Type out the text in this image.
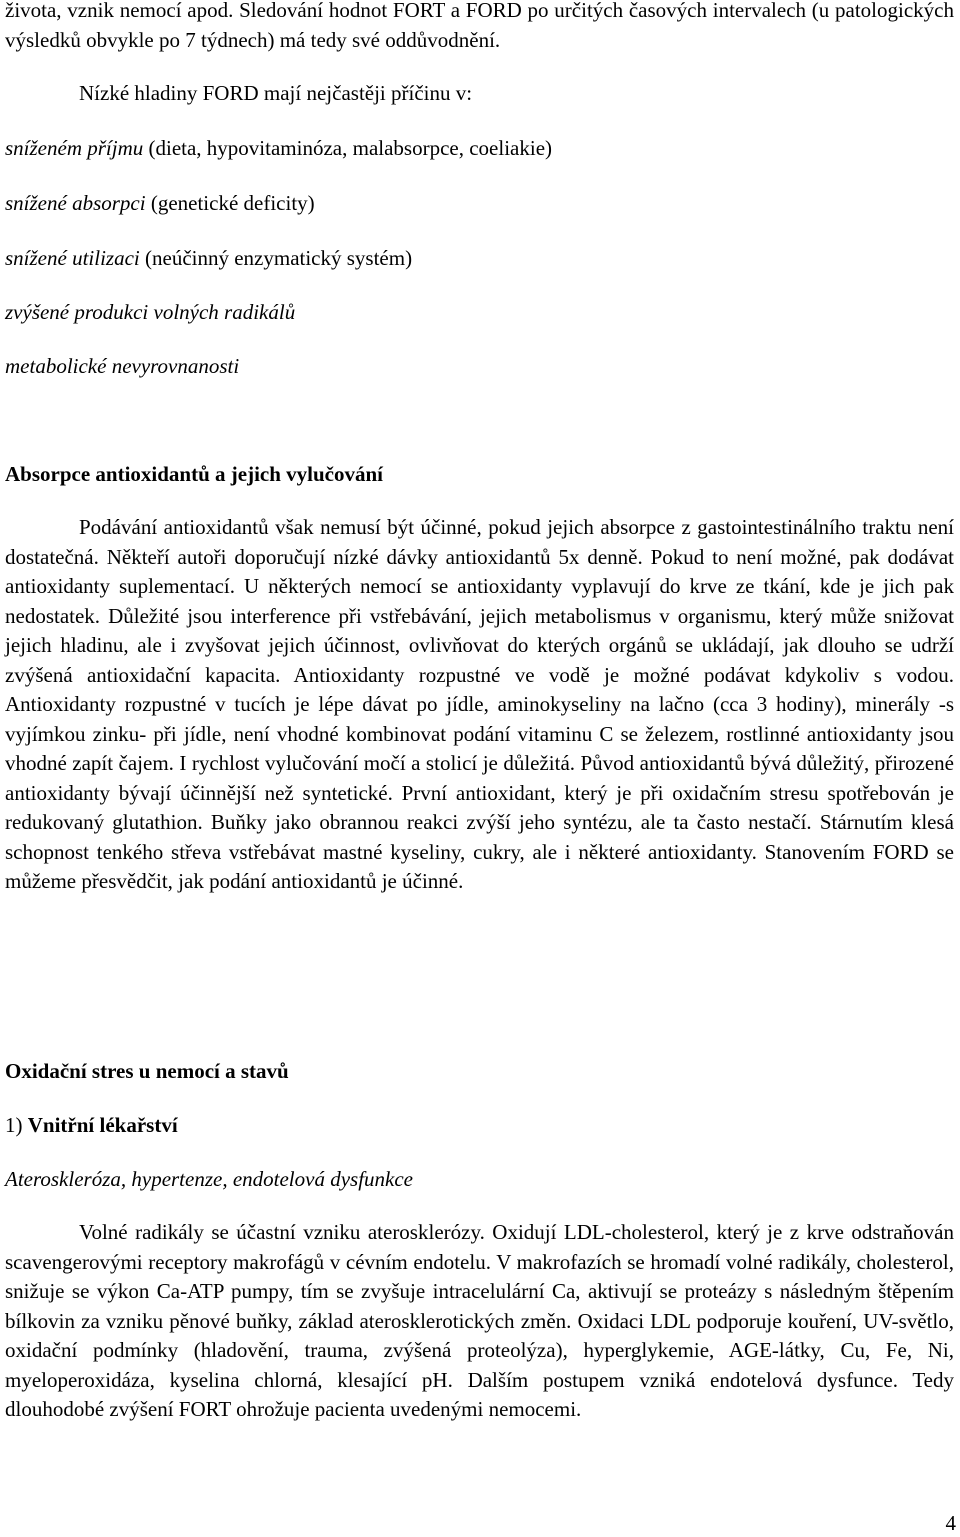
života, vznik nemocí apod. Sledování hodnot FORT a FORD po určitých časových intervalech (u patologických výsledků obvykle po 7 týdnech) má tedy své oddůvodnění.

Nízké hladiny FORD mají nejčastěji příčinu v:

sníženém příjmu (dieta, hypovitaminóza, malabsorpce, coeliakie)

snížené absorpci (genetické deficity)

snížené utilizaci (neúčinný enzymatický systém)

zvýšené produkci volných radikálů

metabolické nevyrovnanosti

Absorpce antioxidantů a jejich vylučování

Podávání antioxidantů však nemusí být účinné, pokud jejich absorpce z gastointestinálního traktu není dostatečná. Někteří autoři doporučují nízké dávky antioxidantů 5x denně. Pokud to není možné, pak dodávat antioxidanty suplementací. U některých nemocí se antioxidanty vyplavují do krve ze tkání, kde je jich pak nedostatek. Důležité jsou interference při vstřebávání, jejich metabolismus v organismu, který může snižovat jejich hladinu, ale i zvyšovat jejich účinnost, ovlivňovat do kterých orgánů se ukládají, jak dlouho se udrží zvýšená antioxidační kapacita. Antioxidanty rozpustné ve vodě je možné podávat kdykoliv s vodou. Antioxidanty rozpustné v tucích je lépe dávat po jídle, aminokyseliny na lačno (cca 3 hodiny), minerály -s vyjímkou zinku- při jídle, není vhodné kombinovat podání vitaminu C se železem, rostlinné antioxidanty jsou vhodné zapít čajem. I rychlost vylučování močí a stolicí je důležitá. Původ antioxidantů bývá důležitý, přirozené antioxidanty bývají účinnější než syntetické. První antioxidant, který je při oxidačním stresu spotřebován je redukovaný glutathion. Buňky jako obrannou reakci zvýší jeho syntézu, ale ta často nestačí. Stárnutím klesá schopnost tenkého střeva vstřebávat mastné kyseliny, cukry, ale i některé antioxidanty. Stanovením FORD se můžeme přesvědčit, jak podání antioxidantů je účinné.

Oxidační stres u nemocí a stavů

1) Vnitřní lékařství

Ateroskleróza, hypertenze, endotelová dysfunkce

Volné radikály se účastní vzniku aterosklerózy. Oxidují LDL-cholesterol, který je z krve odstraňován scavengerovými receptory makrofágů v cévním endotelu. V makrofazích se hromadí volné radikály, cholesterol, snižuje se výkon Ca-ATP pumpy, tím se zvyšuje intracelulární Ca, aktivují se proteázy s následným štěpením bílkovin za vzniku pěnové buňky, základ aterosklerotických změn. Oxidaci LDL podporuje kouření, UV-světlo, oxidační podmínky (hladovění, trauma, zvýšená proteolýza), hyperglykemie, AGE-látky, Cu, Fe, Ni, myeloperoxidáza, kyselina chlorná, klesající pH. Dalším postupem vzniká endotelová dysfunce. Tedy dlouhodobé zvýšení FORT ohrožuje pacienta uvedenými nemocemi.

4
